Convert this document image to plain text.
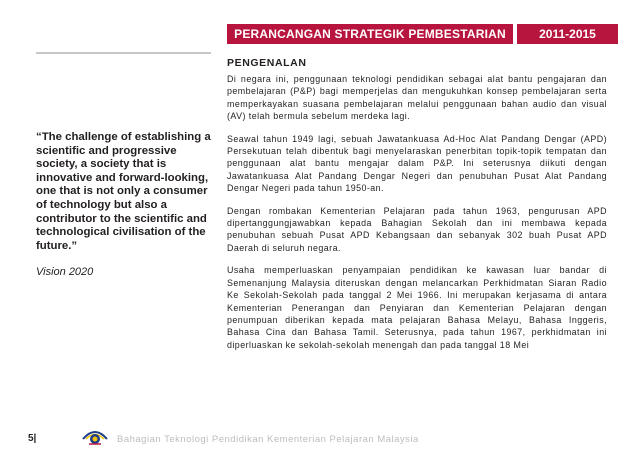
PERANCANGAN STRATEGIK PEMBESTARIAN	2011-2015
“The challenge of establishing a scientific and progressive society, a society that is innovative and forward-looking, one that is not only a consumer of technology but also a contributor to the scientific and technological civilisation of the future.”
Vision 2020
PENGENALAN

Di negara ini, penggunaan teknologi pendidikan sebagai alat bantu pengajaran dan pembelajaran (P&P) bagi memperjelas dan mengukuhkan konsep pembelajaran serta memperkayakan suasana pembelajaran melalui penggunaan bahan audio dan visual (AV) telah bermula sebelum merdeka lagi.

Seawal tahun 1949 lagi, sebuah Jawatankuasa Ad-Hoc Alat Pandang Dengar (APD) Persekutuan telah dibentuk bagi menyelaraskan penerbitan topik-topik tempatan dan penggunaan alat bantu mengajar dalam P&P. Ini seterusnya diikuti dengan Jawatankuasa Alat Pandang Dengar Negeri dan penubuhan Pusat Alat Pandang Dengar Negeri pada tahun 1950-an.

Dengan rombakan Kementerian Pelajaran pada tahun 1963, pengurusan APD dipertanggungjawabkan kepada Bahagian Sekolah dan ini membawa kepada penubuhan sebuah Pusat APD Kebangsaan dan sebanyak 302 buah Pusat APD Daerah di seluruh negara.

Usaha memperluaskan penyampaian pendidikan ke kawasan luar bandar di Semenanjung Malaysia diteruskan dengan melancarkan Perkhidmatan Siaran Radio Ke Sekolah-Sekolah pada tanggal 2 Mei 1966. Ini merupakan kerjasama di antara Kementerian Penerangan dan Penyiaran dan Kementerian Pelajaran dengan penumpuan diberikan kepada mata pelajaran Bahasa Melayu, Bahasa Inggeris, Bahasa Cina dan Bahasa Tamil. Seterusnya, pada tahun 1967, perkhidmatan ini diperluaskan ke sekolah-sekolah menengah dan pada tanggal 18 Mei

5|	Bahagian Teknologi Pendidikan Kementerian Pelajaran Malaysia
